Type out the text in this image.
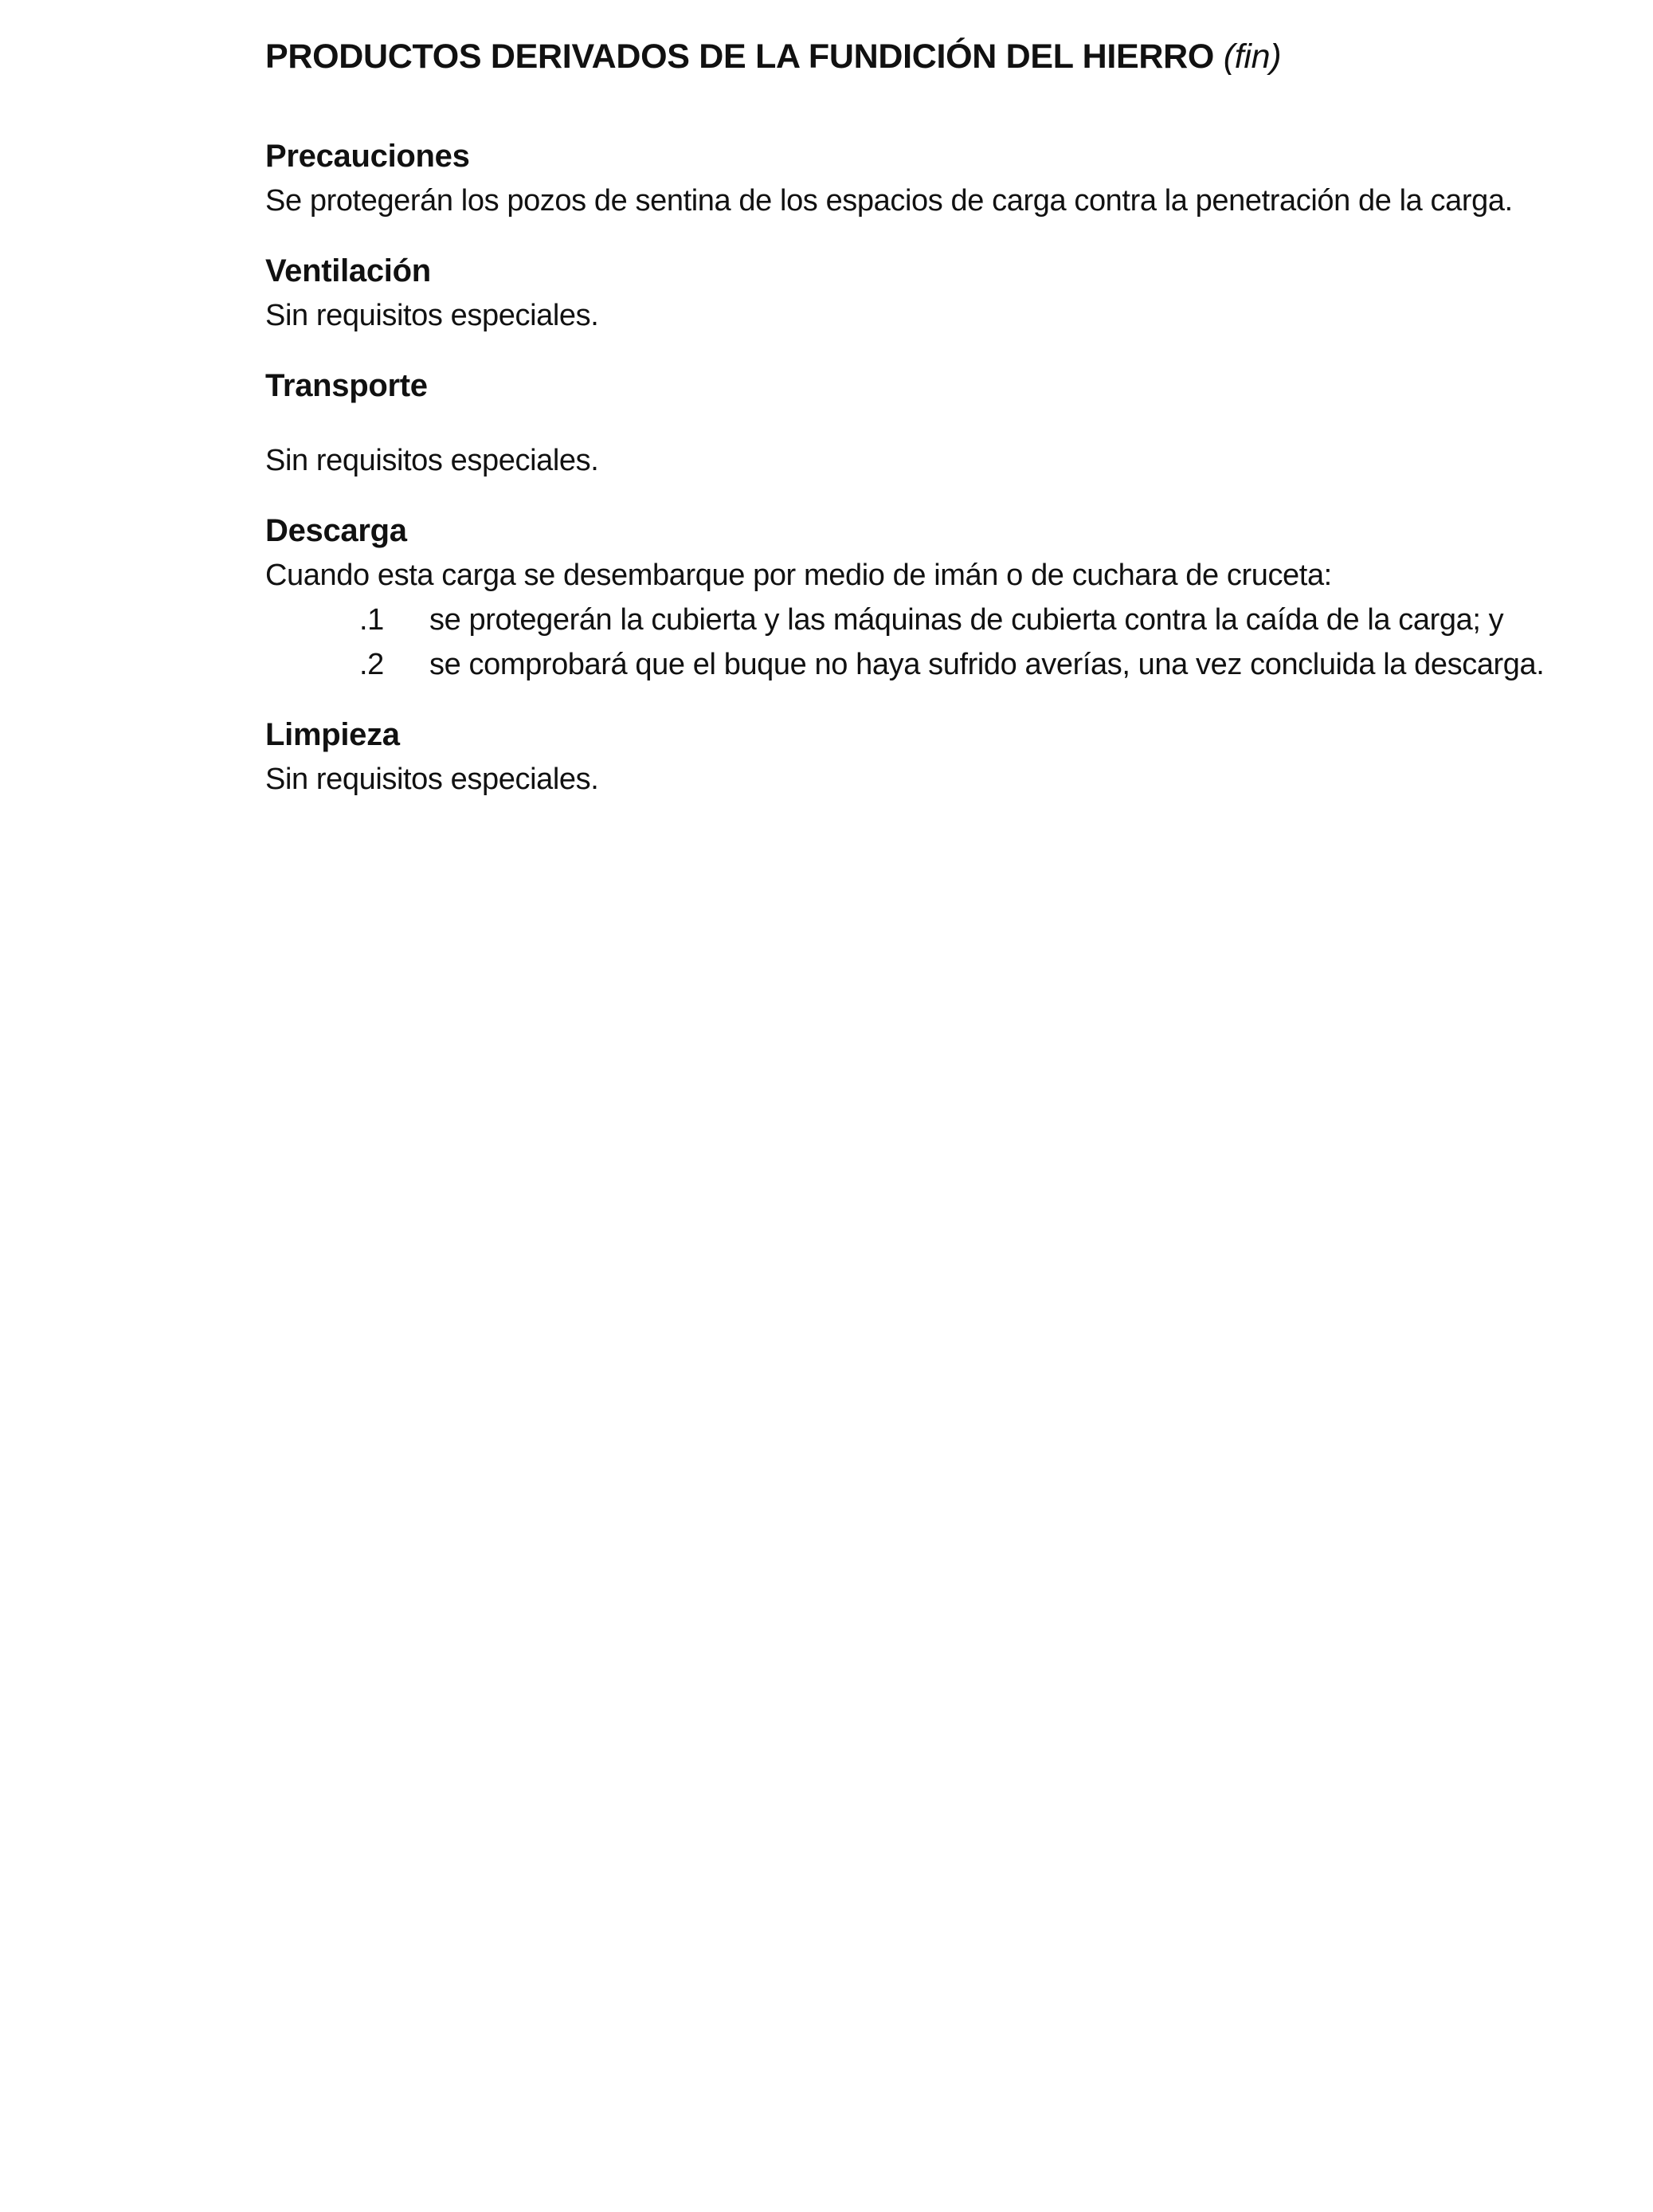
PRODUCTOS DERIVADOS DE LA FUNDICIÓN DEL HIERRO (fin)
Precauciones

Se protegerán los pozos de sentina de los espacios de carga contra la penetración de la carga.

Ventilación

Sin requisitos especiales.

Transporte

Sin requisitos especiales.

Descarga

Cuando esta carga se desembarque por medio de imán o de cuchara de cruceta:

.1	se protegerán la cubierta y las máquinas de cubierta contra la caída de la carga; y
.2	se comprobará que el buque no haya sufrido averías, una vez concluida la descarga.
Limpieza

Sin requisitos especiales.
